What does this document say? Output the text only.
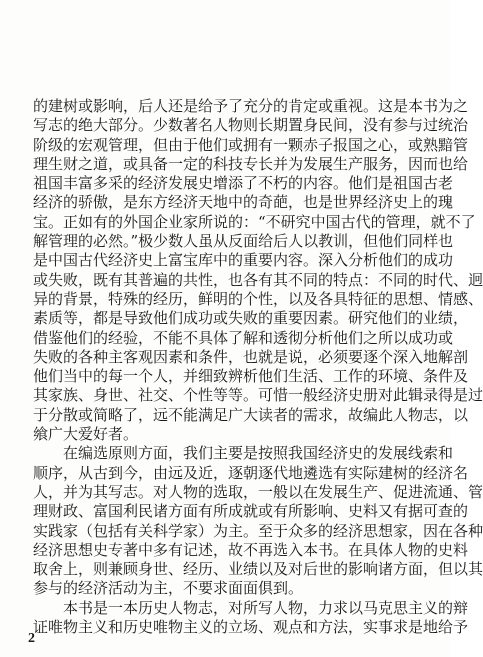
的建树或影响，后人还是给予了充分的肯定或重视。这是本书为之
写志的绝大部分。少数著名人物则长期置身民间，没有参与过统治
阶级的宏观管理，但由于他们或拥有一颗赤子报国之心，或熟黯管
理生财之道，或具备一定的科技专长并为发展生产服务，因而也给
祖国丰富多采的经济发展史增添了不朽的内容。他们是祖国古老
经济的骄傲，是东方经济天地中的奇葩，也是世界经济史上的瑰
宝。正如有的外国企业家所说的：“不研究中国古代的管理，就不了
解管理的必然。”极少数人虽从反面给后人以教训，但他们同样也
是中国古代经济史上富宝库中的重要内容。深入分析他们的成功
或失败，既有其普遍的共性，也各有其不同的特点：不同的时代、迥
异的背景，特殊的经历，鲜明的个性，以及各具特征的思想、情感、
素质等，都是导致他们成功或失败的重要因素。研究他们的业绩，
借鉴他们的经验，不能不具体了解和透彻分析他们之所以成功或
失败的各种主客观因素和条件，也就是说，必须要逐个深入地解剖
他们当中的每一个人，并细致辨析他们生活、工作的环境、条件及
其家族、身世、社交、个性等等。可惜一般经济史册对此辑录得是过
于分散或简略了，远不能满足广大读者的需求，故编此人物志，以
飨广大爱好者。
　　在编选原则方面，我们主要是按照我国经济史的发展线索和
顺序，从古到今，由远及近，逐朝逐代地遴选有实际建树的经济名
人，并为其写志。对人物的选取，一般以在发展生产、促进流通、管
理财政、富国利民诸方面有所成就或有所影响、史料又有据可查的
实践家（包括有关科学家）为主。至于众多的经济思想家，因在各种
经济思想史专著中多有记述，故不再选入本书。在具体人物的史料
取舍上，则兼顾身世、经历、业绩以及对后世的影响诸方面，但以其
参与的经济活动为主，不要求面面俱到。
　　本书是一本历史人物志，对所写人物，力求以马克思主义的辩
证唯物主义和历史唯物主义的立场、观点和方法，实事求是地给予
2
